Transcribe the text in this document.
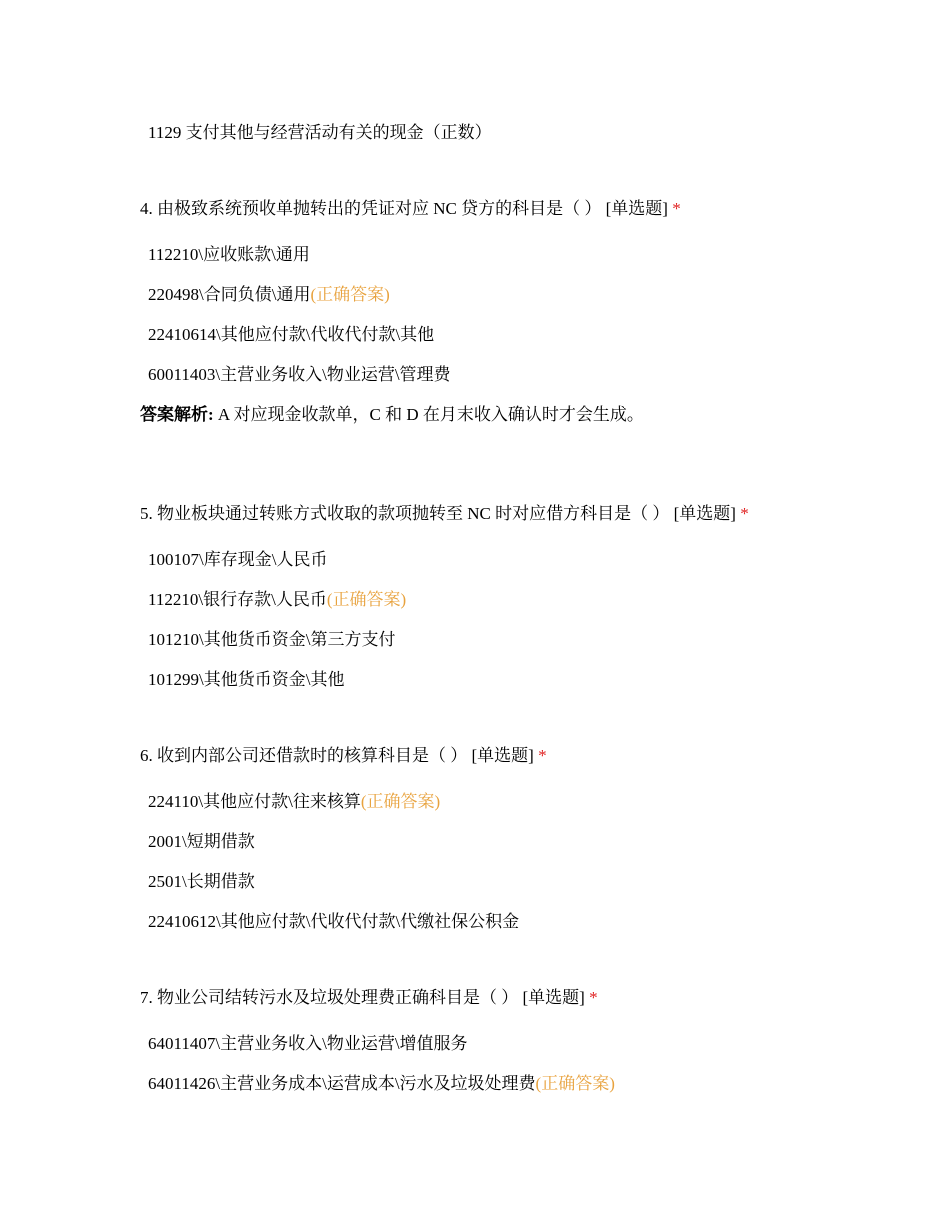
1129 支付其他与经营活动有关的现金（正数）
4. 由极致系统预收单抛转出的凭证对应 NC 贷方的科目是（ ） [单选题] *
112210\应收账款\通用
220498\合同负债\通用(正确答案)
22410614\其他应付款\代收代付款\其他
60011403\主营业务收入\物业运营\管理费
答案解析: A 对应现金收款单，C 和 D 在月末收入确认时才会生成。
5. 物业板块通过转账方式收取的款项抛转至 NC 时对应借方科目是（ ） [单选题] *
100107\库存现金\人民币
112210\银行存款\人民币(正确答案)
101210\其他货币资金\第三方支付
101299\其他货币资金\其他
6. 收到内部公司还借款时的核算科目是（ ） [单选题] *
224110\其他应付款\往来核算(正确答案)
2001\短期借款
2501\长期借款
22410612\其他应付款\代收代付款\代缴社保公积金
7. 物业公司结转污水及垃圾处理费正确科目是（ ） [单选题] *
64011407\主营业务收入\物业运营\增值服务
64011426\主营业务成本\运营成本\污水及垃圾处理费(正确答案)
